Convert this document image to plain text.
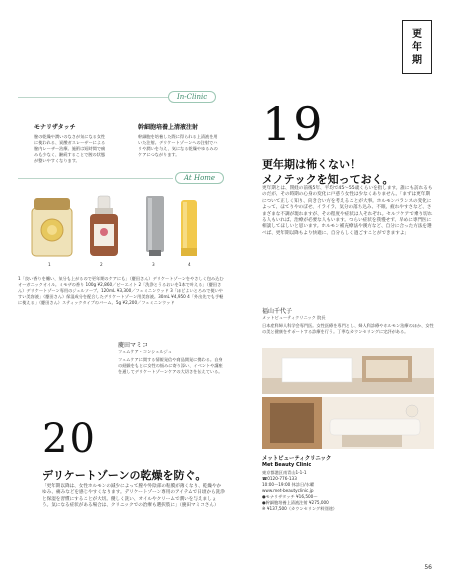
更
年
期
In-Clinic
モナリザタッチ
膣の乾燥や潤いのなさが気になる女性に使われる、炭酸ガスレーザーによる膣内レーザー治療。施術は短時間で痛みも少なく、継続することで膣の状態が整いやすくなります。
幹細胞培養上清液注射
幹細胞を培養した際に得られる上清液を用いた注射。デリケートゾーンへの注射でハリや潤いを与え、気になる乾燥やゆるみのケアにつながります。
At Home
1	2	3	4
1「良い香りを纏い、気分も上がるので更年期のケアにも」（慶田さん）デリケートゾーンをやさしく包み込むオーガニックオイル。ミモザの香り 100g ¥2,860／ビーエイト 2「洗浄とうるおいを1本で叶える」（慶田さん）デリケートゾーン専用のジェルソープ。120mL ¥3,300／フェミニンウッド 3「ほどよいとろみで使いやすい美容液」（慶田さん）保湿成分を配合したデリケートゾーン用美容液。30mL ¥4,950 4「外出先でも手軽に使える」（慶田さん）スティックタイプのバーム。5g ¥2,200／フェミニンウッド
慶田マミコ
フェムケア・コンシェルジュ
フェムケアに関する情報発信や商品開発に携わる。自身の経験をもとに女性の悩みに寄り添い、イベントや講座を通してデリケートゾーンケアの大切さを伝えている。
20
デリケートゾーンの乾燥を防ぐ。
「更年期以降は、女性ホルモンの減少によって膣や外陰部の粘膜が薄くなり、乾燥やかゆみ、痛みなどを感じやすくなります。デリケートゾーン専用のアイテムで日頃から洗浄と保湿を習慣にすることが大切。優しく洗い、オイルやクリームで潤いを与えましょう。気になる症状がある場合は、クリニックでの治療も選択肢に」（慶田マミコさん）
19
更年期は怖くない！
メノテックを知っておく。
更年期とは、閉経の前後5年、平均で45〜55歳くらいを指します。誰にも訪れるものだが、その時期の心身の変化に戸惑う女性は少なくありません。「まずは更年期について正しく知り、向き合い方を考えることが大事。ホルモンバランスの変化によって、ほてりやのぼせ、イライラ、気分の落ち込み、不眠、疲れやすさなど、さまざまな不調が現れますが、その程度や症状は人それぞれ。セルフケアで乗り切れる人もいれば、治療が必要な人もいます。つらい症状を我慢せず、早めに専門医に相談してほしいと思います。ホルモン補充療法や漢方など、自分に合った方法を選べば、更年期以降もより快適に、自分らしく過ごすことができますよ」
福山千代子
メットビューティクリニック 院長
日本産科婦人科学会専門医。女性医療を専門とし、婦人科診療やホルモン治療のほか、女性の美と健康をサポートする診療を行う。丁寧なカウンセリングに定評がある。
メットビューティクリニック
Met Beauty Clinic
東京都港区南青山1-1-1
☎0120-776-133
10:00〜19:00 休診日/水曜
www.met-beautyclinic.jp
●モナリザタッチ ¥16,500〜
●幹細胞培養上清液注射 ¥275,000
※ ¥137,500（カウンセリング料別途）
56
